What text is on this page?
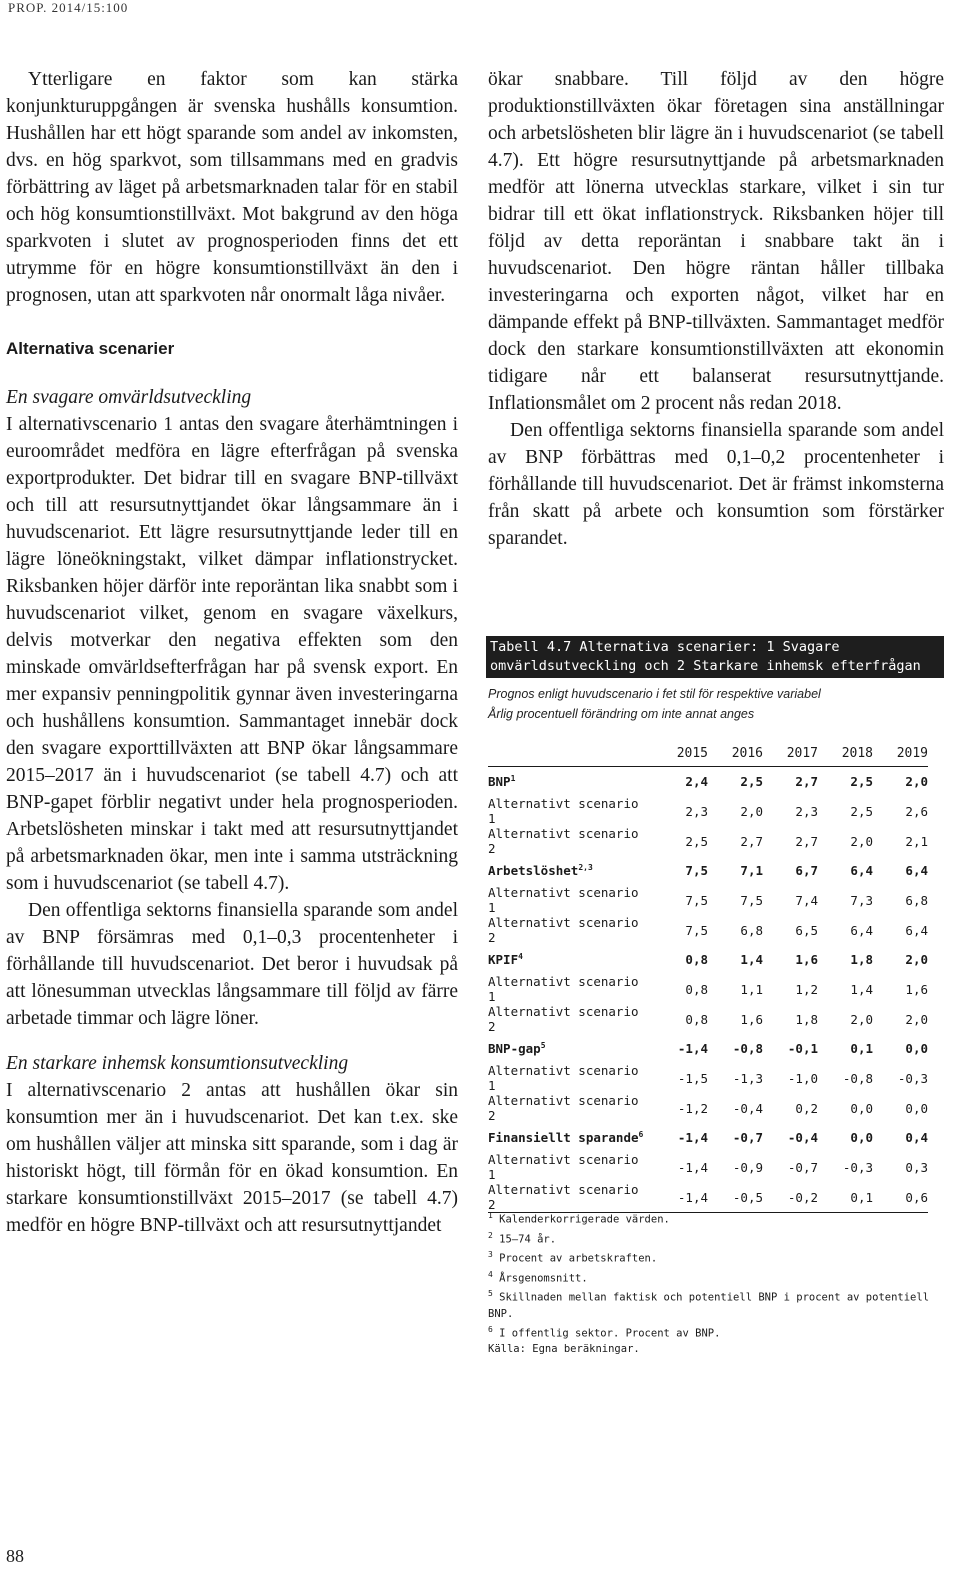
PROP. 2014/15:100

Ytterligare en faktor som kan stärka konjunkturuppgången är svenska hushålls konsumtion. Hushållen har ett högt sparande som andel av inkomsten, dvs. en hög sparkvot, som tillsammans med en gradvis förbättring av läget på arbetsmarknaden talar för en stabil och hög konsumtionstillväxt. Mot bakgrund av den höga sparkvoten i slutet av prognosperioden finns det ett utrymme för en högre konsumtionstillväxt än den i prognosen, utan att sparkvoten når onormalt låga nivåer.

Alternativa scenarier

En svagare omvärldsutveckling

I alternativscenario 1 antas den svagare återhämtningen i euroområdet medföra en lägre efterfrågan på svenska exportprodukter. Det bidrar till en svagare BNP-tillväxt och till att resursutnyttjandet ökar långsammare än i huvudscenariot. Ett lägre resursutnyttjande leder till en lägre löneökningstakt, vilket dämpar inflationstrycket. Riksbanken höjer därför inte reporäntan lika snabbt som i huvudscenariot vilket, genom en svagare växelkurs, delvis motverkar den negativa effekten som den minskade omvärldsefterfrågan har på svensk export. En mer expansiv penningpolitik gynnar även investeringarna och hushållens konsumtion. Sammantaget innebär dock den svagare exporttillväxten att BNP ökar långsammare 2015–2017 än i huvudscenariot (se tabell 4.7) och att BNP-gapet förblir negativt under hela prognosperioden. Arbetslösheten minskar i takt med att resursutnyttjandet på arbetsmarknaden ökar, men inte i samma utsträckning som i huvudscenariot (se tabell 4.7).

Den offentliga sektorns finansiella sparande som andel av BNP försämras med 0,1–0,3 procentenheter i förhållande till huvudscenariot. Det beror i huvudsak på att lönesumman utvecklas långsammare till följd av färre arbetade timmar och lägre löner.

En starkare inhemsk konsumtionsutveckling

I alternativscenario 2 antas att hushållen ökar sin konsumtion mer än i huvudscenariot. Det kan t.ex. ske om hushållen väljer att minska sitt sparande, som i dag är historiskt högt, till förmån för en ökad konsumtion. En starkare konsumtionstillväxt 2015–2017 (se tabell 4.7) medför en högre BNP-tillväxt och att resursutnyttjandet

ökar snabbare. Till följd av den högre produktionstillväxten ökar företagen sina anställningar och arbetslösheten blir lägre än i huvudscenariot (se tabell 4.7). Ett högre resursutnyttjande på arbetsmarknaden medför att lönerna utvecklas starkare, vilket i sin tur bidrar till ett ökat inflationstryck. Riksbanken höjer till följd av detta reporäntan i snabbare takt än i huvudscenariot. Den högre räntan håller tillbaka investeringarna och exporten något, vilket har en dämpande effekt på BNP-tillväxten. Sammantaget medför dock den starkare konsumtionstillväxten att ekonomin tidigare når ett balanserat resursutnyttjande. Inflationsmålet om 2 procent nås redan 2018.

Den offentliga sektorns finansiella sparande som andel av BNP förbättras med 0,1–0,2 procentenheter i förhållande till huvudscenariot. Det är främst inkomsterna från skatt på arbete och konsumtion som förstärker sparandet.

Tabell 4.7 Alternativa scenarier: 1 Svagare omvärldsutveckling och 2 Starkare inhemsk efterfrågan
Prognos enligt huvudscenario i fet stil för respektive variabel
Årlig procentuell förändring om inte annat anges
	2015	2016	2017	2018	2019
BNP$^1$	2,4	2,5	2,7	2,5	2,0
Alternativt scenario 1	2,3	2,0	2,3	2,5	2,6
Alternativt scenario 2	2,5	2,7	2,7	2,0	2,1
Arbetslöshet$^{2,3}$	7,5	7,1	6,7	6,4	6,4
Alternativt scenario 1	7,5	7,5	7,4	7,3	6,8
Alternativt scenario 2	7,5	6,8	6,5	6,4	6,4
KPIF$^4$	0,8	1,4	1,6	1,8	2,0
Alternativt scenario 1	0,8	1,1	1,2	1,4	1,6
Alternativt scenario 2	0,8	1,6	1,8	2,0	2,0
BNP-gap$^5$	-1,4	-0,8	-0,1	0,1	0,0
Alternativt scenario 1	-1,5	-1,3	-1,0	-0,8	-0,3
Alternativt scenario 2	-1,2	-0,4	0,2	0,0	0,0
Finansiellt sparande$^6$	-1,4	-0,7	-0,4	0,0	0,4
Alternativt scenario 1	-1,4	-0,9	-0,7	-0,3	0,3
Alternativt scenario 2	-1,4	-0,5	-0,2	0,1	0,6
$^1$ Kalenderkorrigerade värden.
$^2$ 15–74 år.
$^3$ Procent av arbetskraften.
$^4$ Årsgenomsnitt.
$^5$ Skillnaden mellan faktisk och potentiell BNP i procent av potentiell BNP.
$^6$ I offentlig sektor. Procent av BNP.
Källa: Egna beräkningar.
88
